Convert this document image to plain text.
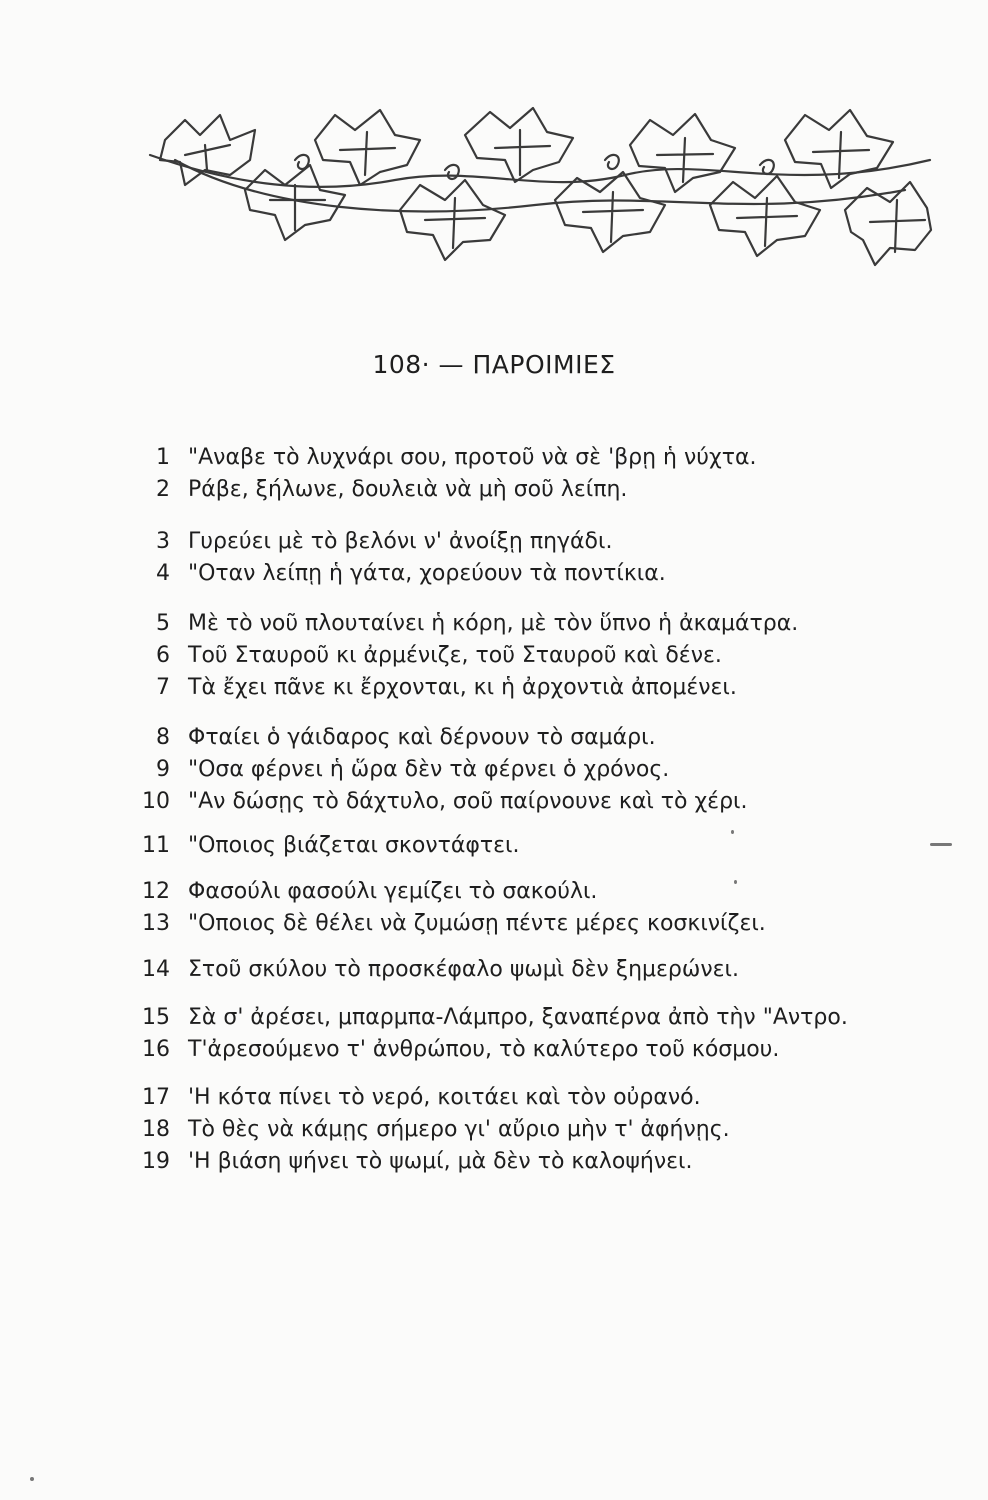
108· — ΠΑΡΟΙΜΙΕΣ
1 "Αναβε τὸ λυχνάρι σου, προτοῦ νὰ σὲ 'βρῃ ἡ νύχτα.
2 Ράβε, ξήλωνε, δουλειὰ νὰ μὴ σοῦ λείπη.
3 Γυρεύει μὲ τὸ βελόνι ν' ἀνοίξῃ πηγάδι.
4 "Οταν λείπῃ ἡ γάτα, χορεύουν τὰ ποντίκια.
5 Μὲ τὸ νοῦ πλουταίνει ἡ κόρη, μὲ τὸν ὕπνο ἡ ἀκαμάτρα.
6 Τοῦ Σταυροῦ κι ἀρμένιζε, τοῦ Σταυροῦ καὶ δένε.
7 Τὰ ἔχει πᾶνε κι ἔρχονται, κι ἡ ἀρχοντιὰ ἀπομένει.
8 Φταίει ὁ γάιδαρος καὶ δέρνουν τὸ σαμάρι.
9 "Οσα φέρνει ἡ ὥρα δὲν τὰ φέρνει ὁ χρόνος.
10 "Αν δώσῃς τὸ δάχτυλο, σοῦ παίρνουνε καὶ τὸ χέρι.
11 "Οποιος βιάζεται σκοντάφτει.
12 Φασούλι φασούλι γεμίζει τὸ σακούλι.
13 "Οποιος δὲ θέλει νὰ ζυμώσῃ πέντε μέρες κοσκινίζει.
14 Στοῦ σκύλου τὸ προσκέφαλο ψωμὶ δὲν ξημερώνει.
15 Σὰ σ' ἀρέσει, μπαρμπα-Λάμπρο, ξαναπέρνα ἀπὸ τὴν "Αντρο.
16 Τ'ἀρεσούμενο τ' ἀνθρώπου, τὸ καλύτερο τοῦ κόσμου.
17 'Η κότα πίνει τὸ νερό, κοιτάει καὶ τὸν οὐρανό.
18 Τὸ θὲς νὰ κάμῃς σήμερο γι' αὔριο μὴν τ' ἀφήνῃς.
19 'Η βιάση ψήνει τὸ ψωμί, μὰ δὲν τὸ καλοψήνει.
